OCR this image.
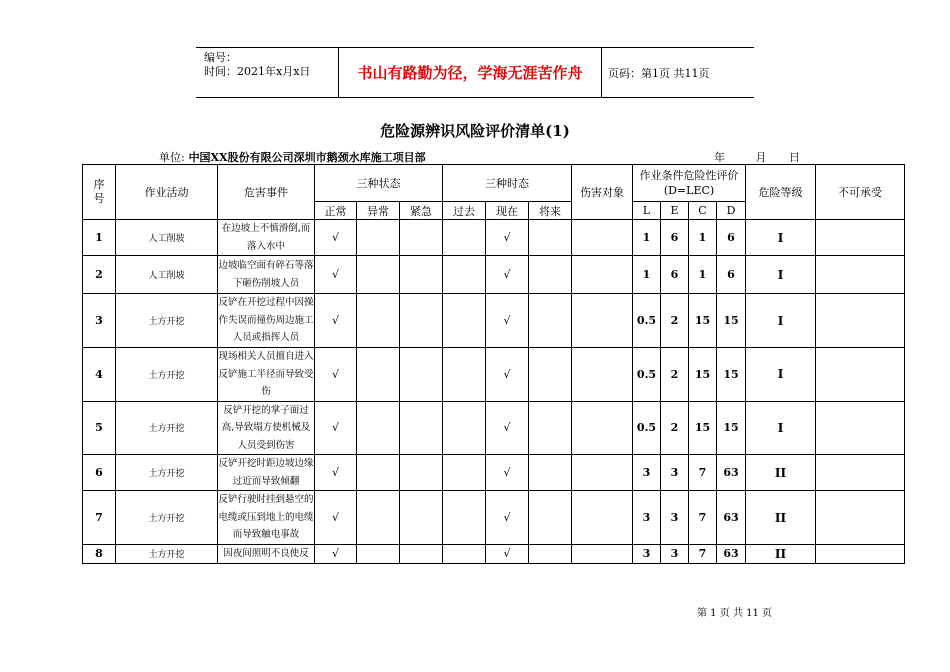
编号：
时间：2021年x月x日	书山有路勤为径，学海无涯苦作舟	页码：第1页 共11页
危险源辨识风险评价清单(1)
单位: 中国XX股份有限公司深圳市鹅颈水库施工项目部	年	月 日
序号	作业活动	危害事件	三种状态			三种时态			伤害对象	作业条件危险性评价(D=LEC)				危险等级	不可承受
			正常	异常	紧急	过去	现在	将来		L	E	C	D		
1	人工削坡	在边坡上不慎滑倒,而落入水中	√				√			1	6	1	6	I	
2	人工削坡	边坡临空面有碎石等落下砸伤削坡人员	√				√			1	6	1	6	I	
3	土方开挖	反铲在开挖过程中因操作失误而撞伤周边施工人员或指挥人员	√				√			0.5	2	15	15	I	
4	土方开挖	现场相关人员擅自进入反铲施工半径而导致受伤	√				√			0.5	2	15	15	I	
5	土方开挖	反铲开挖的掌子面过高,导致塌方使机械及人员受到伤害	√				√			0.5	2	15	15	I	
6	土方开挖	反铲开挖时距边坡边缘过近而导致倾翻	√				√			3	3	7	63	II	
7	土方开挖	反铲行驶时挂到悬空的电缆或压到地上的电缆而导致触电事故	√				√			3	3	7	63	II	
8	土方开挖	因夜间照明不良使反	√				√			3	3	7	63	II	
第 1 页 共 11 页
